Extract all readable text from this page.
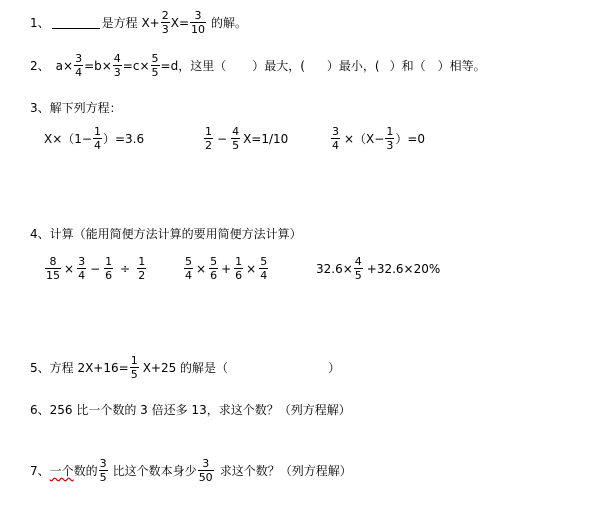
1、	是方程 $X+ \frac{2}{3} X= \frac{3}{10}$ 的解。
2、 $a\times \frac{3}{4} =b\times \frac{4}{3} =c\times \frac{5}{5} =d$，这里（ ）最大，( ）最小，( ）和（ ）相等。
3、解下列方程：
$X\times(1- \frac{1}{4} )=3.6$	$\frac{1}{2} - \frac{4}{5} X=1/10$	$\frac{3}{4} \times(X- \frac{1}{3} )=0$
4、计算（能用简便方法计算的要用简便方法计算）
$\frac{8}{15} \times \frac{3}{4} - \frac{1}{6} \div \frac{1}{2}$	$\frac{5}{4} \times \frac{5}{6} + \frac{1}{6} \times \frac{5}{4}$	$32.6\times \frac{4}{5} +32.6\times 20\%$
5、方程 $2X+16= \frac{1}{5} X+25$ 的解是（	）
6、256 比一个数的 3 倍还多 13，求这个数？（列方程解）
7、 一个 数的 $\frac{3}{5}$ 比这个数本身少 $\frac{3}{50}$ 求这个数？（列方程解）
